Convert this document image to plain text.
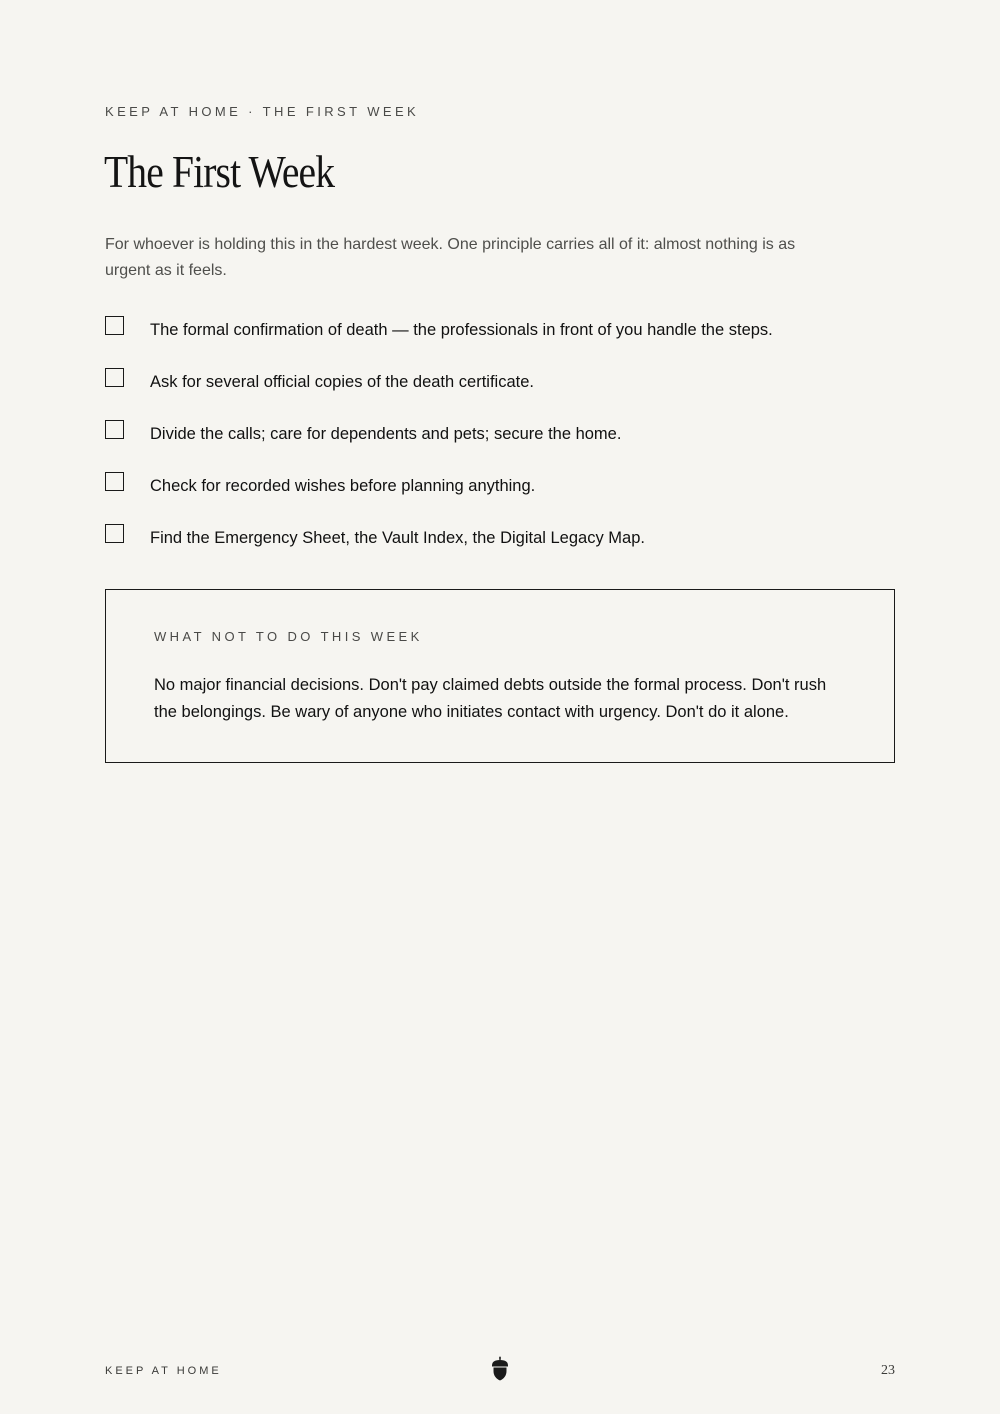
KEEP AT HOME · THE FIRST WEEK
The First Week

For whoever is holding this in the hardest week. One principle carries all of it: almost nothing is as urgent as it feels.

The formal confirmation of death — the professionals in front of you handle the steps.
Ask for several official copies of the death certificate.
Divide the calls; care for dependents and pets; secure the home.
Check for recorded wishes before planning anything.
Find the Emergency Sheet, the Vault Index, the Digital Legacy Map.
WHAT NOT TO DO THIS WEEK

No major financial decisions. Don't pay claimed debts outside the formal process. Don't rush the belongings. Be wary of anyone who initiates contact with urgency. Don't do it alone.

KEEP AT HOME	23
